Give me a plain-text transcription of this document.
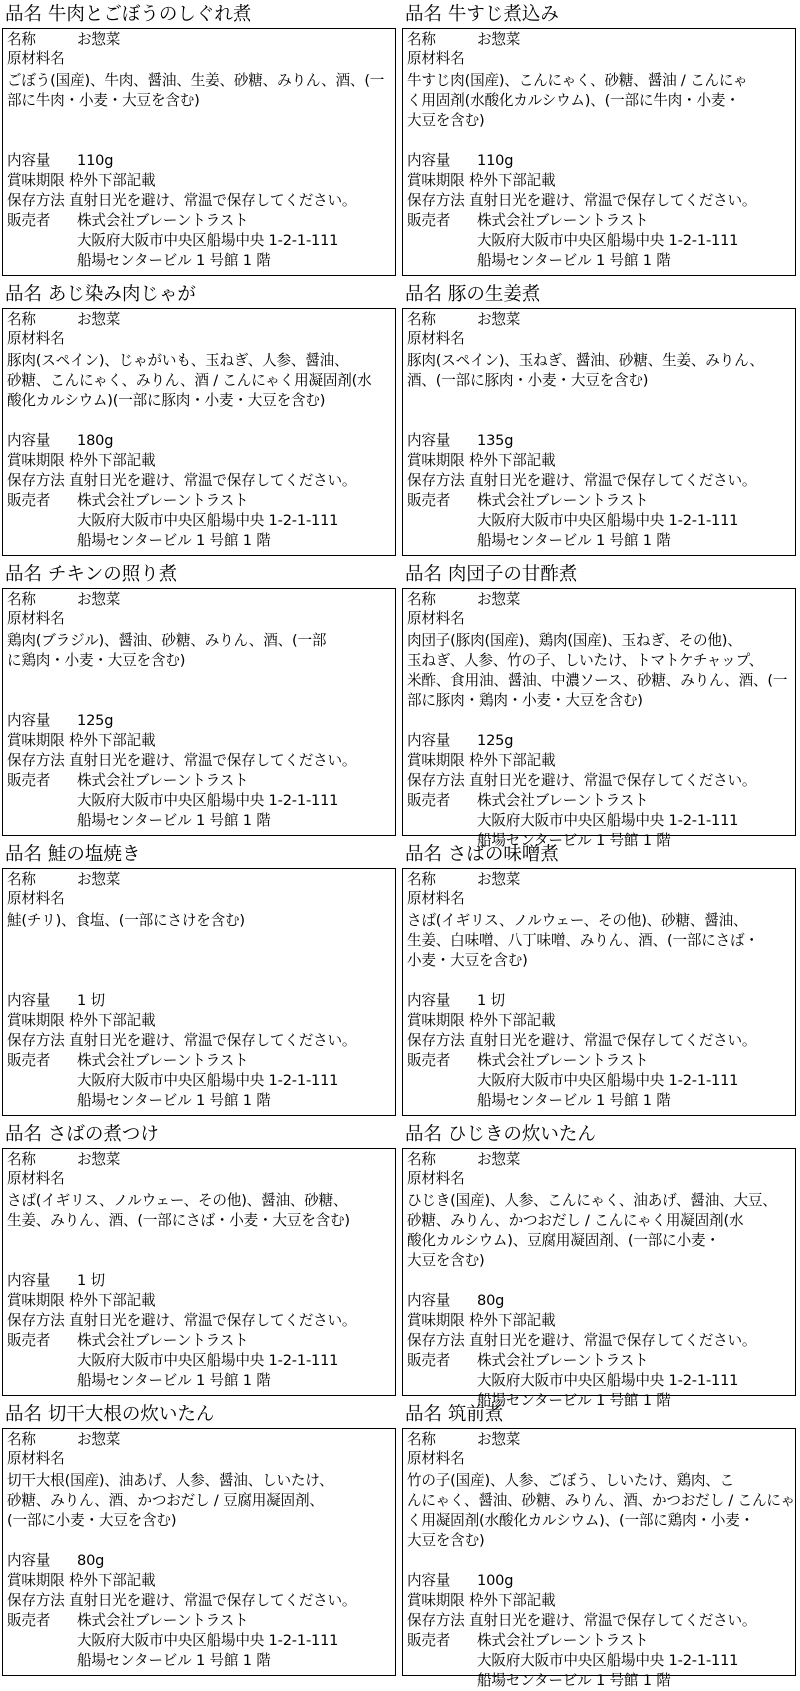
品名 牛肉とごぼうのしぐれ煮
名称	お惣菜
原材料名
ごぼう(国産)、牛肉、醤油、生姜、砂糖、みりん、酒、(一
部に牛肉・小麦・大豆を含む)
内容量 110g
賞味期限 枠外下部記載
保存方法 直射日光を避け、常温で保存してください。
販売者 株式会社ブレーントラスト
大阪府大阪市中央区船場中央 1-2-1-111
船場センタービル 1 号館 1 階
品名 牛すじ煮込み
名称	お惣菜
原材料名
牛すじ肉(国産)、こんにゃく、砂糖、醤油 / こんにゃ
く用固剤(水酸化カルシウム)、(一部に牛肉・小麦・
大豆を含む)
内容量 110g
賞味期限 枠外下部記載
保存方法 直射日光を避け、常温で保存してください。
販売者 株式会社ブレーントラスト
大阪府大阪市中央区船場中央 1-2-1-111
船場センタービル 1 号館 1 階
品名 あじ染み肉じゃが
名称	お惣菜
原材料名
豚肉(スペイン)、じゃがいも、玉ねぎ、人参、醤油、
砂糖、こんにゃく、みりん、酒 / こんにゃく用凝固剤(水
酸化カルシウム)(一部に豚肉・小麦・大豆を含む)
内容量 180g
賞味期限 枠外下部記載
保存方法 直射日光を避け、常温で保存してください。
販売者 株式会社ブレーントラスト
大阪府大阪市中央区船場中央 1-2-1-111
船場センタービル 1 号館 1 階
品名 豚の生姜煮
名称	お惣菜
原材料名
豚肉(スペイン)、玉ねぎ、醤油、砂糖、生姜、みりん、
酒、(一部に豚肉・小麦・大豆を含む)
内容量 135g
賞味期限 枠外下部記載
保存方法 直射日光を避け、常温で保存してください。
販売者 株式会社ブレーントラスト
大阪府大阪市中央区船場中央 1-2-1-111
船場センタービル 1 号館 1 階
品名 チキンの照り煮
名称	お惣菜
原材料名
鶏肉(ブラジル)、醤油、砂糖、みりん、酒、(一部
に鶏肉・小麦・大豆を含む)
内容量 125g
賞味期限 枠外下部記載
保存方法 直射日光を避け、常温で保存してください。
販売者 株式会社ブレーントラスト
大阪府大阪市中央区船場中央 1-2-1-111
船場センタービル 1 号館 1 階
品名 肉団子の甘酢煮
名称	お惣菜
原材料名
肉団子(豚肉(国産)、鶏肉(国産)、玉ねぎ、その他)、
玉ねぎ、人参、竹の子、しいたけ、トマトケチャップ、
米酢、食用油、醤油、中濃ソース、砂糖、みりん、酒、(一
部に豚肉・鶏肉・小麦・大豆を含む)
内容量 125g
賞味期限 枠外下部記載
保存方法 直射日光を避け、常温で保存してください。
販売者 株式会社ブレーントラスト
大阪府大阪市中央区船場中央 1-2-1-111
船場センタービル 1 号館 1 階
品名 鮭の塩焼き
名称	お惣菜
原材料名
鮭(チリ)、食塩、(一部にさけを含む)
内容量 1 切
賞味期限 枠外下部記載
保存方法 直射日光を避け、常温で保存してください。
販売者 株式会社ブレーントラスト
大阪府大阪市中央区船場中央 1-2-1-111
船場センタービル 1 号館 1 階
品名 さばの味噌煮
名称	お惣菜
原材料名
さば(イギリス、ノルウェー、その他)、砂糖、醤油、
生姜、白味噌、八丁味噌、みりん、酒、(一部にさば・
小麦・大豆を含む)
内容量 1 切
賞味期限 枠外下部記載
保存方法 直射日光を避け、常温で保存してください。
販売者 株式会社ブレーントラスト
大阪府大阪市中央区船場中央 1-2-1-111
船場センタービル 1 号館 1 階
品名 さばの煮つけ
名称	お惣菜
原材料名
さば(イギリス、ノルウェー、その他)、醤油、砂糖、
生姜、みりん、酒、(一部にさば・小麦・大豆を含む)
内容量 1 切
賞味期限 枠外下部記載
保存方法 直射日光を避け、常温で保存してください。
販売者 株式会社ブレーントラスト
大阪府大阪市中央区船場中央 1-2-1-111
船場センタービル 1 号館 1 階
品名 ひじきの炊いたん
名称	お惣菜
原材料名
ひじき(国産)、人参、こんにゃく、油あげ、醤油、大豆、
砂糖、みりん、かつおだし / こんにゃく用凝固剤(水
酸化カルシウム)、豆腐用凝固剤、(一部に小麦・
大豆を含む)
内容量 80g
賞味期限 枠外下部記載
保存方法 直射日光を避け、常温で保存してください。
販売者 株式会社ブレーントラスト
大阪府大阪市中央区船場中央 1-2-1-111
船場センタービル 1 号館 1 階
品名 切干大根の炊いたん
名称	お惣菜
原材料名
切干大根(国産)、油あげ、人参、醤油、しいたけ、
砂糖、みりん、酒、かつおだし / 豆腐用凝固剤、
(一部に小麦・大豆を含む)
内容量 80g
賞味期限 枠外下部記載
保存方法 直射日光を避け、常温で保存してください。
販売者 株式会社ブレーントラスト
大阪府大阪市中央区船場中央 1-2-1-111
船場センタービル 1 号館 1 階
品名 筑前煮
名称	お惣菜
原材料名
竹の子(国産)、人参、ごぼう、しいたけ、鶏肉、こ
んにゃく、醤油、砂糖、みりん、酒、かつおだし / こんにゃ
く用凝固剤(水酸化カルシウム)、(一部に鶏肉・小麦・
大豆を含む)
内容量 100g
賞味期限 枠外下部記載
保存方法 直射日光を避け、常温で保存してください。
販売者 株式会社ブレーントラスト
大阪府大阪市中央区船場中央 1-2-1-111
船場センタービル 1 号館 1 階
